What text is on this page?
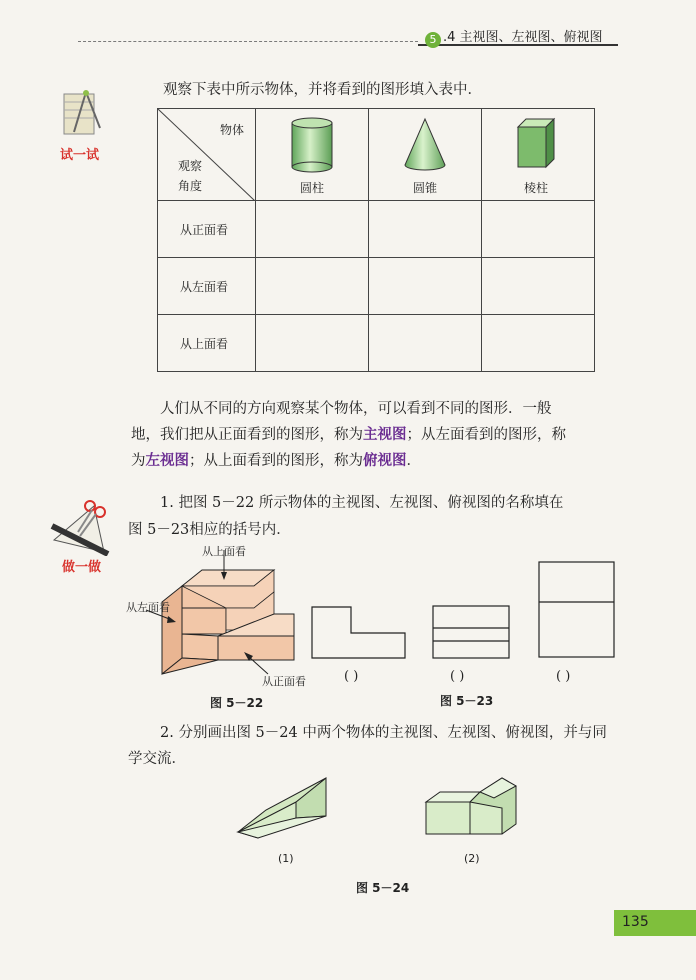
5 .4 主视图、左视图、俯视图
试一试
观察下表中所示物体，并将看到的图形填入表中．
物体
观察
角度	圆柱	圆锥	棱柱

从正面看			
从左面看			
从上面看			
人们从不同的方向观察某个物体，可以看到不同的图形．一般
地，我们把从正面看到的图形，称为主视图；从左面看到的图形，称
为左视图；从上面看到的图形，称为俯视图．
做一做
1. 把图 5－22 所示物体的主视图、左视图、俯视图的名称填在
图 5－23相应的括号内．
从上面看
从左面看
从正面看
图 5－22
( )	( )	( )
图 5－23
2. 分别画出图 5－24 中两个物体的主视图、左视图、俯视图，并与同
学交流．
(1)	(2)
图 5－24
135
